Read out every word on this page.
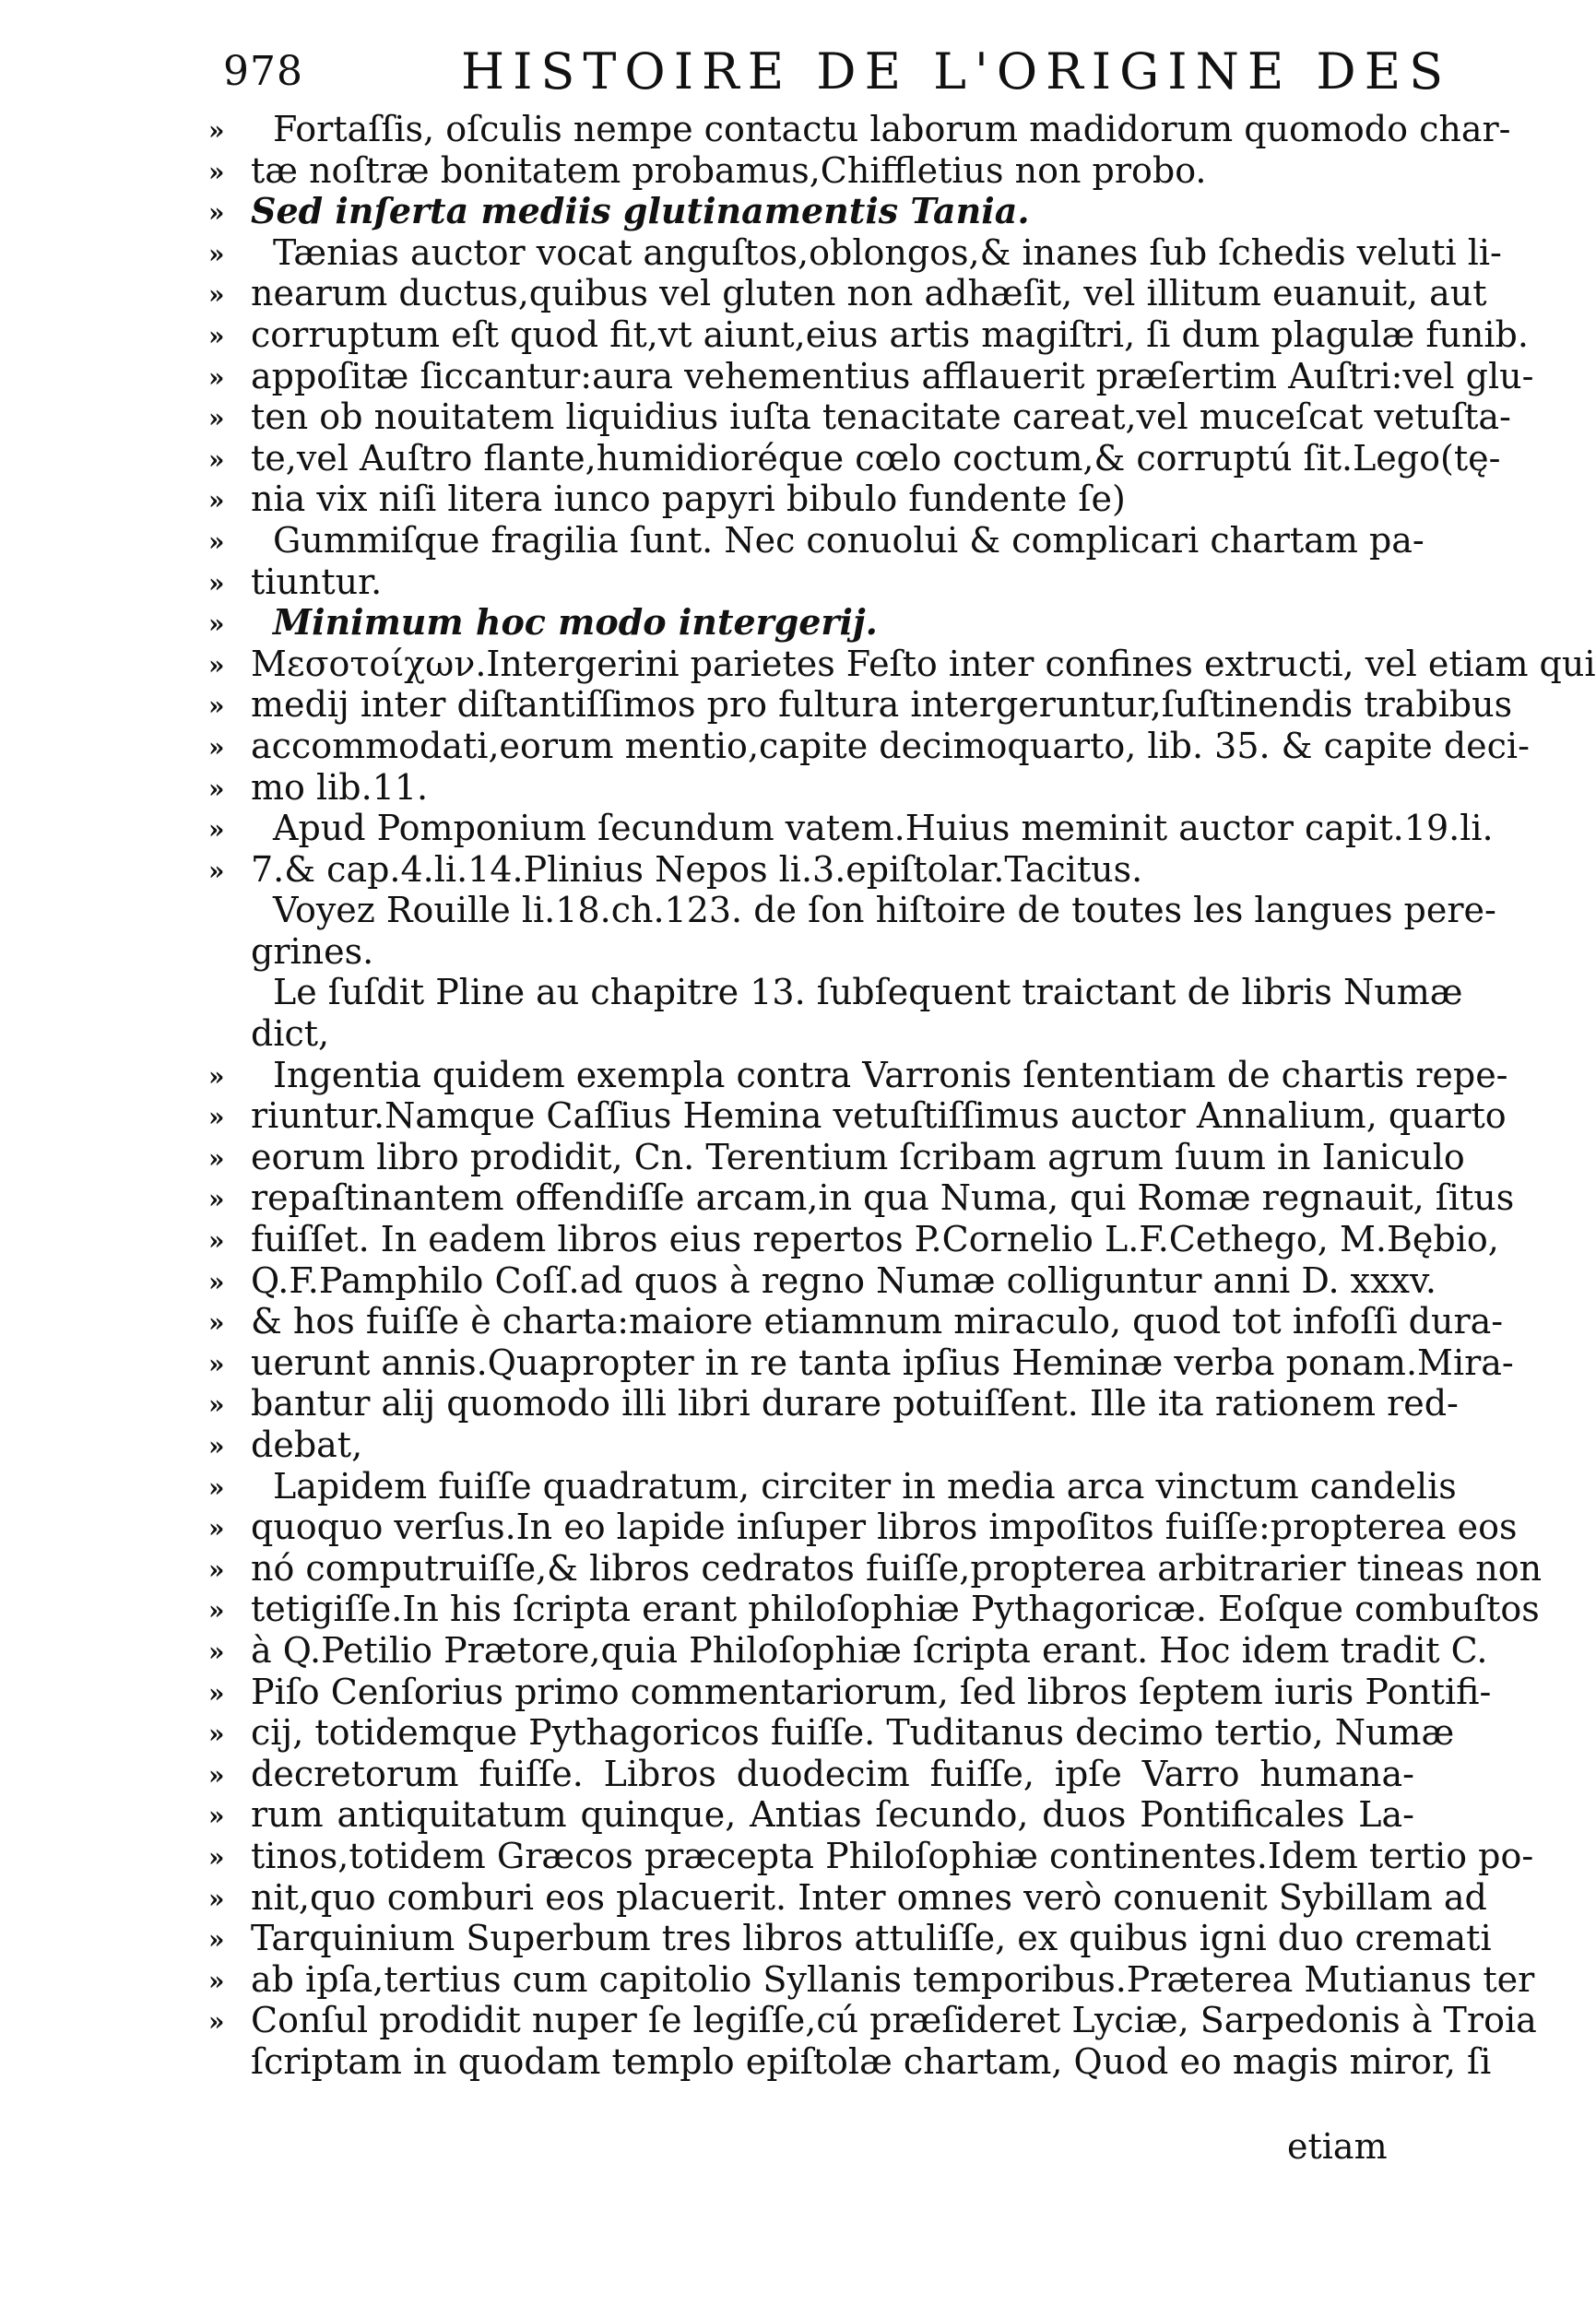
978	HISTOIRE DE L'ORIGINE DES
»	Fortaſſis, oſculis nempe contactu laborum madidorum quomodo char-
» tæ noſtræ bonitatem probamus,Chiffletius non probo.
» Sed inſerta mediis glutinamentis Tania.
»	Tænias auctor vocat anguſtos,oblongos,& inanes ſub ſchedis veluti li-
» nearum ductus,quibus vel gluten non adhæſit, vel illitum euanuit, aut
» corruptum eſt quod fit,vt aiunt,eius artis magiſtri, ſi dum plagulæ funib.
» appoſitæ ſiccantur:aura vehementius afflauerit præſertim Auſtri:vel glu-
» ten ob nouitatem liquidius iuſta tenacitate careat,vel muceſcat vetuſta-
» te,vel Auſtro flante,humidioréque cœlo coctum,& corruptú ſit.Lego(tę-
» nia vix niſi litera iunco papyri bibulo fundente ſe)
»	Gummiſque fragilia ſunt. Nec conuolui & complicari chartam pa-
» tiuntur.
»	Minimum hoc modo intergerij.
» Μεσοτοίχων.Intergerini parietes Feſto inter confines extructi, vel etiam qui
» medij inter diſtantiſſimos pro fultura intergeruntur,ſuſtinendis trabibus
» accommodati,eorum mentio,capite decimoquarto, lib. 35. & capite deci-
» mo lib.11.
»	Apud Pomponium ſecundum vatem.Huius meminit auctor capit.19.li.
» 7.& cap.4.li.14.Plinius Nepos li.3.epiſtolar.Tacitus.
Voyez Rouille li.18.ch.123. de ſon hiſtoire de toutes les langues pere-
grines.
Le ſuſdit Pline au chapitre 13. ſubſequent traictant de libris Numæ
dict,
»	Ingentia quidem exempla contra Varronis ſententiam de chartis repe-
» riuntur.Namque Caſſius Hemina vetuſtiſſimus auctor Annalium, quarto
» eorum libro prodidit, Cn. Terentium ſcribam agrum ſuum in Ianiculo
» repaſtinantem offendiſſe arcam,in qua Numa, qui Romæ regnauit, ſitus
» fuiſſet. In eadem libros eius repertos P.Cornelio L.F.Cethego, M.Bębio,
» Q.F.Pamphilo Coſſ.ad quos à regno Numæ colliguntur anni D. xxxv.
» & hos fuiſſe è charta:maiore etiamnum miraculo, quod tot infoſſi dura-
» uerunt annis.Quapropter in re tanta ipſius Heminæ verba ponam.Mira-
» bantur alij quomodo illi libri durare potuiſſent. Ille ita rationem red-
» debat,
»	Lapidem fuiſſe quadratum, circiter in media arca vinctum candelis
» quoquo verſus.In eo lapide inſuper libros impoſitos fuiſſe:propterea eos
» nó computruiſſe,& libros cedratos fuiſſe,propterea arbitrarier tineas non
» tetigiſſe.In his ſcripta erant philoſophiæ Pythagoricæ. Eoſque combuſtos
» à Q.Petilio Prætore,quia Philoſophiæ ſcripta erant. Hoc idem tradit C.
» Piſo Cenſorius primo commentariorum, ſed libros ſeptem iuris Pontifi-
» cij, totidemque Pythagoricos fuiſſe. Tuditanus decimo tertio, Numæ
» decretorum fuiſſe. Libros duodecim fuiſſe, ipſe Varro humana-
» rum antiquitatum quinque, Antias ſecundo, duos Pontificales La-
» tinos,totidem Græcos præcepta Philoſophiæ continentes.Idem tertio po-
» nit,quo comburi eos placuerit. Inter omnes verò conuenit Sybillam ad
» Tarquinium Superbum tres libros attuliſſe, ex quibus igni duo cremati
» ab ipſa,tertius cum capitolio Syllanis temporibus.Præterea Mutianus ter
» Conſul prodidit nuper ſe legiſſe,cú præſideret Lyciæ, Sarpedonis à Troia
ſcriptam in quodam templo epiſtolæ chartam, Quod eo magis miror, ſi
etiam
